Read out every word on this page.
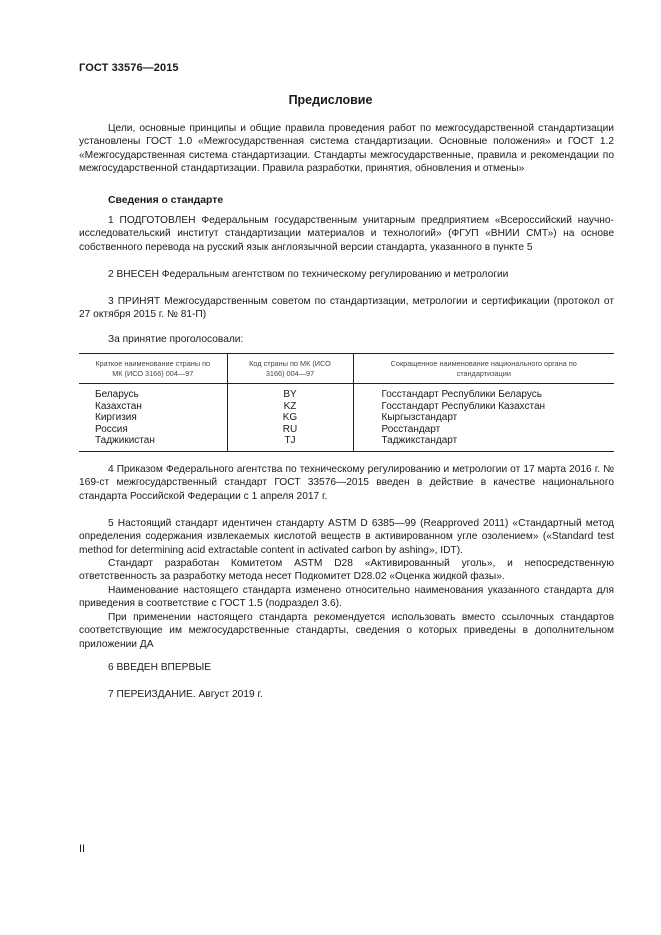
ГОСТ 33576—2015
Предисловие
Цели, основные принципы и общие правила проведения работ по межгосударственной стандартизации установлены ГОСТ 1.0 «Межгосударственная система стандартизации. Основные положения» и ГОСТ 1.2 «Межгосударственная система стандартизации. Стандарты межгосударственные, правила и рекомендации по межгосударственной стандартизации. Правила разработки, принятия, обновления и отмены»
Сведения о стандарте
1 ПОДГОТОВЛЕН Федеральным государственным унитарным предприятием «Всероссийский научно-исследовательский институт стандартизации материалов и технологий» (ФГУП «ВНИИ СМТ») на основе собственного перевода на русский язык англоязычной версии стандарта, указанного в пункте 5
2 ВНЕСЕН Федеральным агентством по техническому регулированию и метрологии
3 ПРИНЯТ Межгосударственным советом по стандартизации, метрологии и сертификации (протокол от 27 октября 2015 г. № 81-П)
За принятие проголосовали:
Краткое наименование страны по МК (ИСО 3166) 004—97	Код страны по МК (ИСО 3166) 004—97	Сокращенное наименование национального органа по стандартизации
Беларусь	BY	Госстандарт Республики Беларусь
Казахстан	KZ	Госстандарт Республики Казахстан
Киргизия	KG	Кыргызстандарт
Россия	RU	Росстандарт
Таджикистан	TJ	Таджикстандарт
4 Приказом Федерального агентства по техническому регулированию и метрологии от 17 марта 2016 г. № 169-ст межгосударственный стандарт ГОСТ 33576—2015 введен в действие в качестве национального стандарта Российской Федерации с 1 апреля 2017 г.
5 Настоящий стандарт идентичен стандарту ASTM D 6385—99 (Reapproved 2011) «Стандартный метод определения содержания извлекаемых кислотой веществ в активированном угле озолением» («Standard test method for determining acid extractable content in activated carbon by ashing», IDT).
Стандарт разработан Комитетом ASTM D28 «Активированный уголь», и непосредственную ответственность за разработку метода несет Подкомитет D28.02 «Оценка жидкой фазы».
Наименование настоящего стандарта изменено относительно наименования указанного стандарта для приведения в соответствие с ГОСТ 1.5 (подраздел 3.6).
При применении настоящего стандарта рекомендуется использовать вместо ссылочных стандартов соответствующие им межгосударственные стандарты, сведения о которых приведены в дополнительном приложении ДА
6 ВВЕДЕН ВПЕРВЫЕ
7 ПЕРЕИЗДАНИЕ. Август 2019 г.
II
